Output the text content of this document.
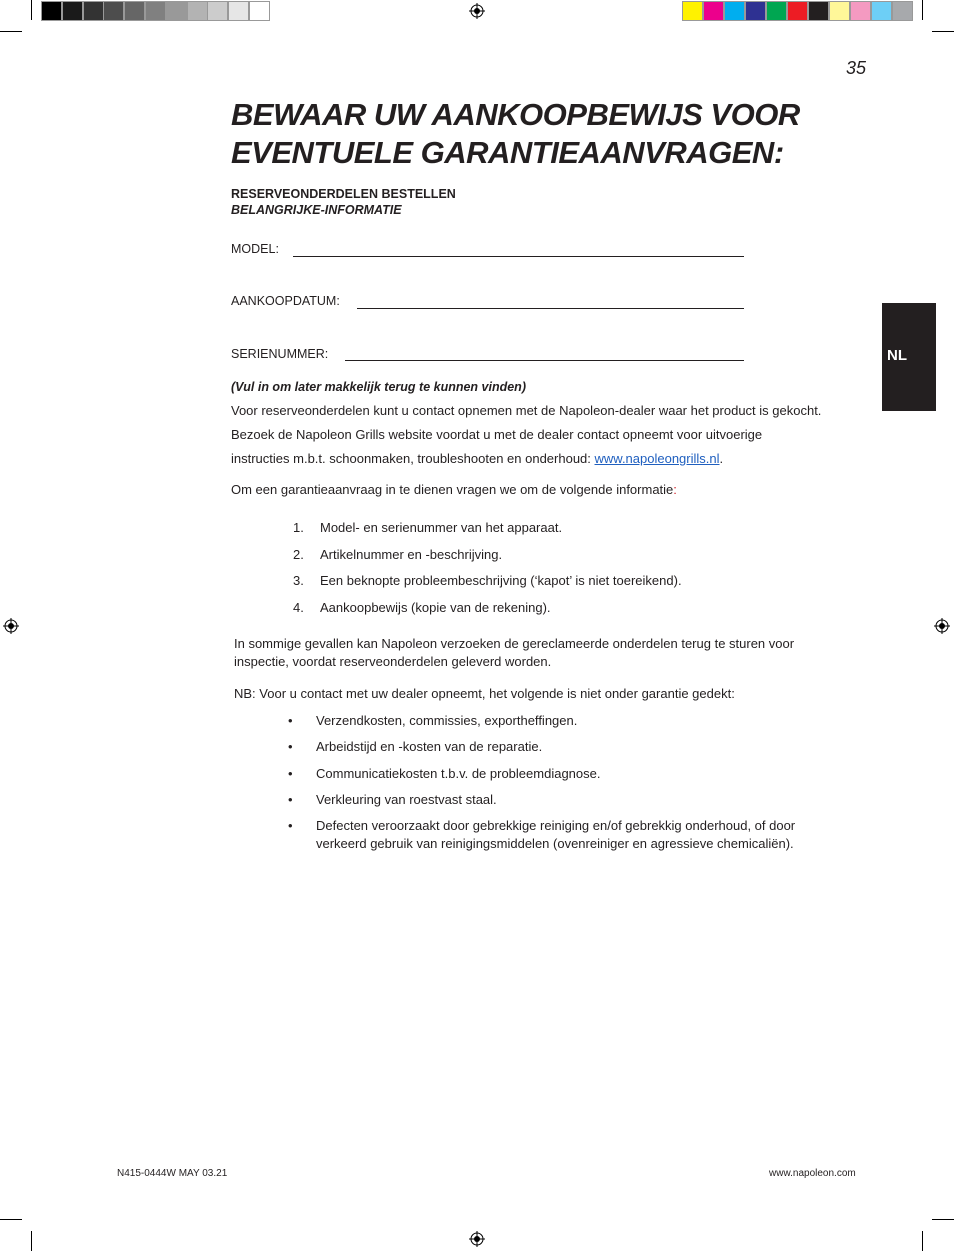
35
BEWAAR UW AANKOOPBEWIJS VOOR
EVENTUELE GARANTIEAANVRAGEN:
RESERVEONDERDELEN BESTELLEN
BELANGRIJKE-INFORMATIE
MODEL:
AANKOOPDATUM:
SERIENUMMER:
(Vul in om later makkelijk terug te kunnen vinden)
Voor reserveonderdelen kunt u contact opnemen met de Napoleon-dealer waar het product is gekocht.
Bezoek de Napoleon Grills website voordat u met de dealer contact opneemt voor uitvoerige
instructies m.b.t. schoonmaken, troubleshooten en onderhoud: www.napoleongrills.nl.
Om een garantieaanvraag in te dienen vragen we om de volgende informatie:
1. Model- en serienummer van het apparaat.
2. Artikelnummer en -beschrijving.
3. Een beknopte probleembeschrijving (‘kapot’ is niet toereikend).
4. Aankoopbewijs (kopie van de rekening).
In sommige gevallen kan Napoleon verzoeken de gereclameerde onderdelen terug te sturen voor
inspectie, voordat reserveonderdelen geleverd worden.
NB: Voor u contact met uw dealer opneemt, het volgende is niet onder garantie gedekt:
• Verzendkosten, commissies, exportheffingen.
• Arbeidstijd en -kosten van de reparatie.
• Communicatiekosten t.b.v. de probleemdiagnose.
• Verkleuring van roestvast staal.
• Defecten veroorzaakt door gebrekkige reiniging en/of gebrekkig onderhoud, of door
verkeerd gebruik van reinigingsmiddelen (ovenreiniger en agressieve chemicaliën).
NL
N415-0444W MAY 03.21	www.napoleon.com
